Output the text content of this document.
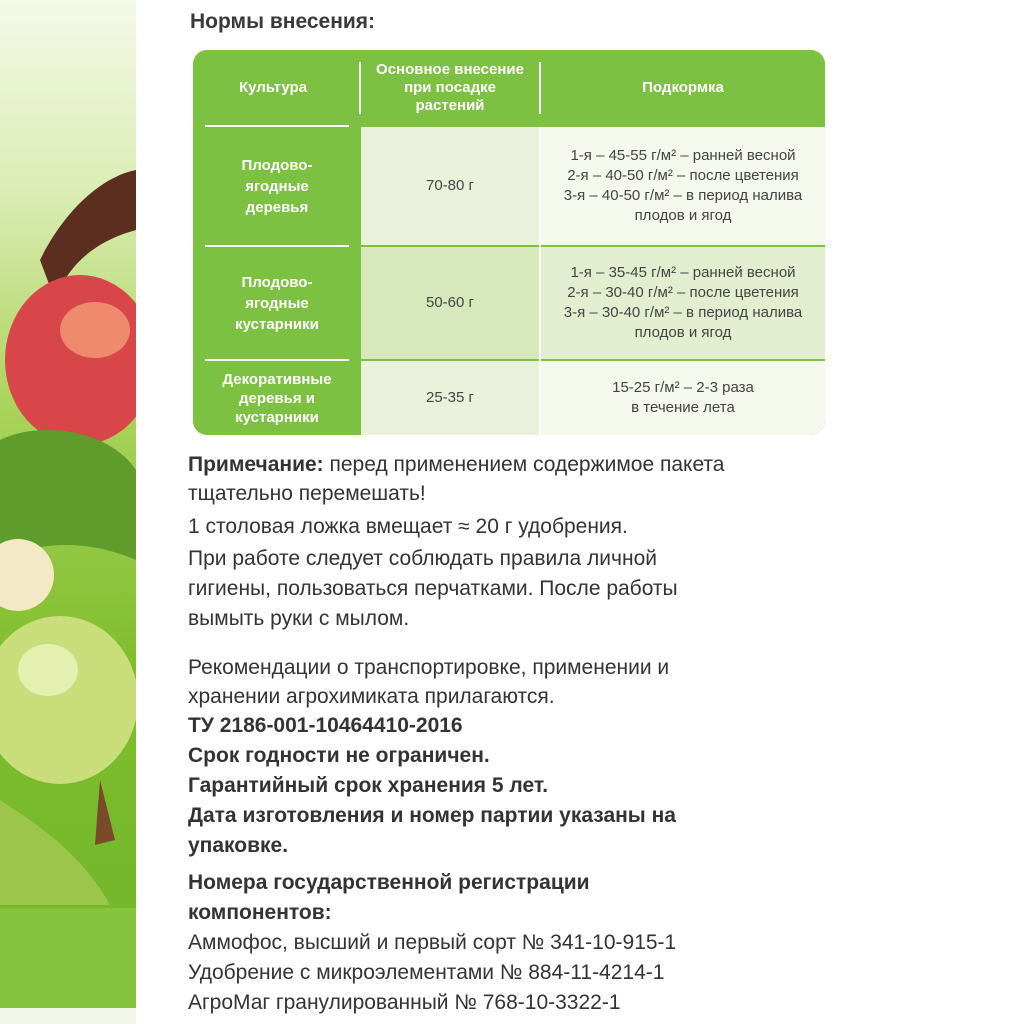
Нормы внесения:
Культура
Основное внесение при посадке растений
Подкормка
Плодово-ягодные деревья
70-80 г
1-я – 45-55 г/м² – ранней весной
2-я – 40-50 г/м² – после цветения
3-я – 40-50 г/м² – в период налива
плодов и ягод
Плодово-ягодные кустарники
50-60 г
1-я – 35-45 г/м² – ранней весной
2-я – 30-40 г/м² – после цветения
3-я – 30-40 г/м² – в период налива
плодов и ягод
Декоративные деревья и кустарники
25-35 г
15-25 г/м² – 2-3 раза
в течение лета

Примечание: перед применением содержимое пакета

тщательно перемешать!

1 столовая ложка вмещает ≈ 20 г удобрения.

При работе следует соблюдать правила личной

гигиены, пользоваться перчатками. После работы

вымыть руки с мылом.

Рекомендации о транспортировке, применении и

хранении агрохимиката прилагаются.

ТУ 2186-001-10464410-2016

Срок годности не ограничен.

Гарантийный срок хранения 5 лет.

Дата изготовления и номер партии указаны на

упаковке.

Номера государственной регистрации

компонентов:

Аммофос, высший и первый сорт № 341-10-915-1

Удобрение с микроэлементами № 884-11-4214-1

АгроМаг гранулированный № 768-10-3322-1
